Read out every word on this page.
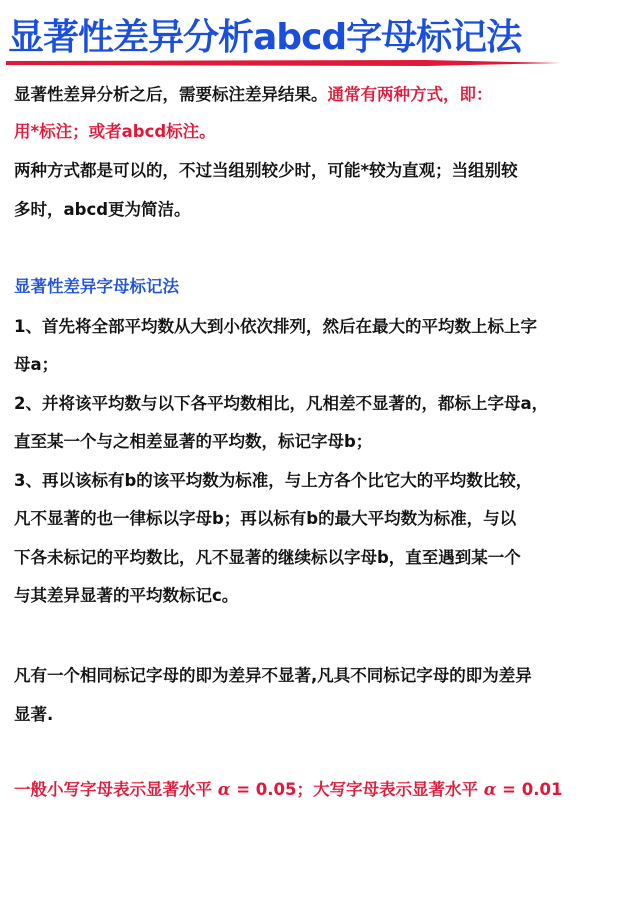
显著性差异分析abcd字母标记法
显著性差异分析之后，需要标注差异结果。通常有两种方式，即：
用*标注；或者abcd标注。
两种方式都是可以的，不过当组别较少时，可能*较为直观；当组别较
多时，abcd更为简洁。
显著性差异字母标记法
1、首先将全部平均数从大到小依次排列，然后在最大的平均数上标上字
母a；
2、并将该平均数与以下各平均数相比，凡相差不显著的，都标上字母a，
直至某一个与之相差显著的平均数，标记字母b；
3、再以该标有b的该平均数为标准，与上方各个比它大的平均数比较，
凡不显著的也一律标以字母b；再以标有b的最大平均数为标准，与以
下各未标记的平均数比，凡不显著的继续标以字母b，直至遇到某一个
与其差异显著的平均数标记c。
凡有一个相同标记字母的即为差异不显著,凡具不同标记字母的即为差异
显著.
一般小写字母表示显著水平 α = 0.05；大写字母表示显著水平 α = 0.01
